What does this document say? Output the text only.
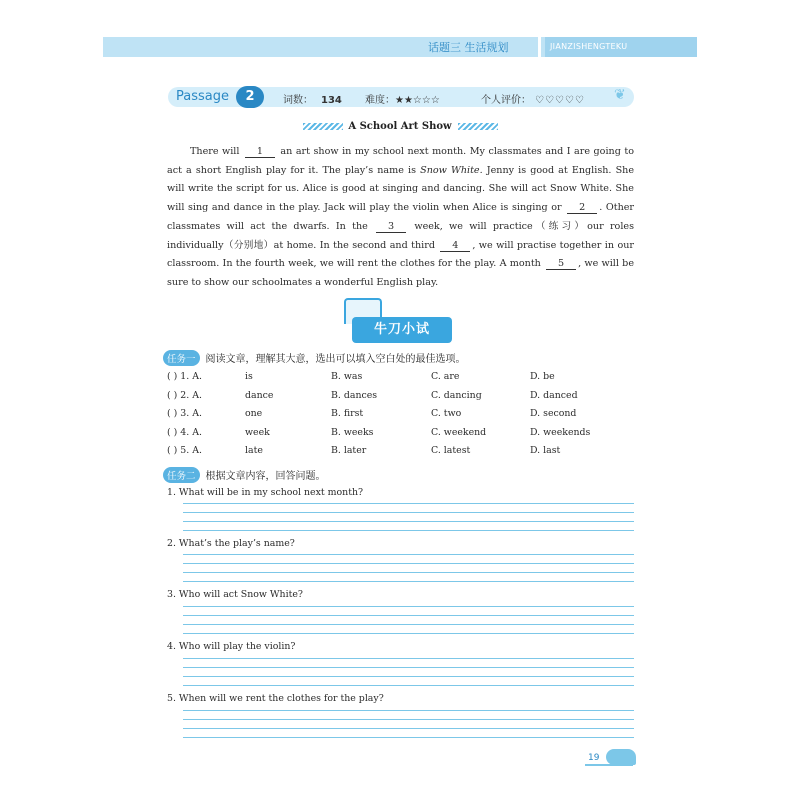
话题三 生活规划	JIANZISHENGTEKU
Passage	2	词数： 134 难度：★★☆☆☆	个人评价： ♡♡♡♡♡ ❦
A School Art Show

There will 1 an art show in my school next month. My classmates and I are going to act a short English play for it. The play’s name is Snow White. Jenny is good at English. She will write the script for us. Alice is good at singing and dancing. She will act Snow White. She will sing and dance in the play. Jack will play the violin when Alice is singing or 2 . Other classmates will act the dwarfs. In the 3 week, we will practice（练习）our roles individually（分别地）at home. In the second and third 4 , we will practise together in our classroom. In the fourth week, we will rent the clothes for the play. A month 5 , we will be sure to show our schoolmates a wonderful English play.

牛刀小试
任务一 阅读文章，理解其大意，选出可以填入空白处的最佳选项。
( ) 1. A.	is	B. was	C. are	D. be
( ) 2. A.	dance	B. dances	C. dancing	D. danced
( ) 3. A.	one	B. first	C. two	D. second
( ) 4. A.	week	B. weeks	C. weekend	D. weekends
( ) 5. A.	late	B. later	C. latest	D. last
任务二 根据文章内容，回答问题。
1. What will be in my school next month?
2. What’s the play’s name?
3. Who will act Snow White?
4. Who will play the violin?
5. When will we rent the clothes for the play?
19
